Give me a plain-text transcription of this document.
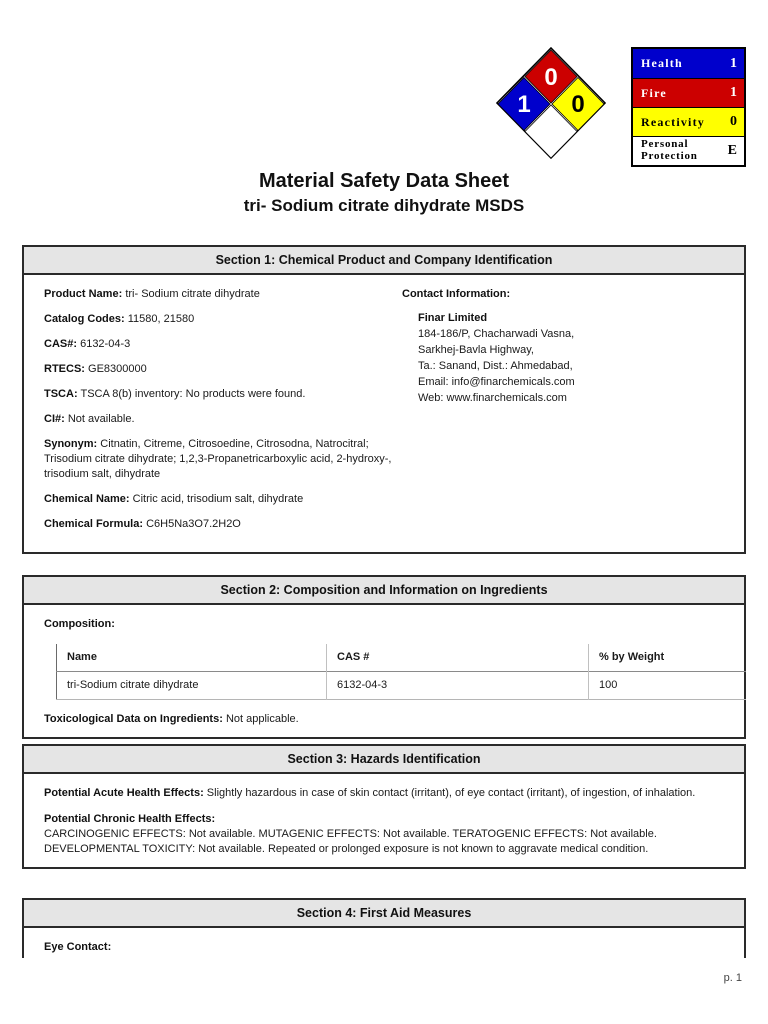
0
1 0
Health	1
Fire	1
Reactivity	0
Personal Protection	E
Material Safety Data Sheet
tri- Sodium citrate dihydrate MSDS
Section 1: Chemical Product and Company Identification

Product Name: tri- Sodium citrate dihydrate

Catalog Codes: 11580, 21580

CAS#: 6132-04-3

RTECS: GE8300000

TSCA: TSCA 8(b) inventory: No products were found.

CI#: Not available.

Synonym: Citnatin, Citreme, Citrosoedine, Citrosodna, Natrocitral; Trisodium citrate dihydrate; 1,2,3-Propanetricarboxylic acid, 2-hydroxy-, trisodium salt, dihydrate

Chemical Name: Citric acid, trisodium salt, dihydrate

Chemical Formula: C6H5Na3O7.2H2O

Contact Information:

Finar Limited
184-186/P, Chacharwadi Vasna,
Sarkhej-Bavla Highway,
Ta.: Sanand, Dist.: Ahmedabad,
Email: info@finarchemicals.com
Web: www.finarchemicals.com
Section 2: Composition and Information on Ingredients

Composition:

Name	CAS #	% by Weight
tri-Sodium citrate dihydrate	6132-04-3	100

Toxicological Data on Ingredients: Not applicable.

Section 3: Hazards Identification

Potential Acute Health Effects: Slightly hazardous in case of skin contact (irritant), of eye contact (irritant), of ingestion, of inhalation.

Potential Chronic Health Effects:
CARCINOGENIC EFFECTS: Not available. MUTAGENIC EFFECTS: Not available. TERATOGENIC EFFECTS: Not available. DEVELOPMENTAL TOXICITY: Not available. Repeated or prolonged exposure is not known to aggravate medical condition.

Section 4: First Aid Measures

Eye Contact:

p. 1
